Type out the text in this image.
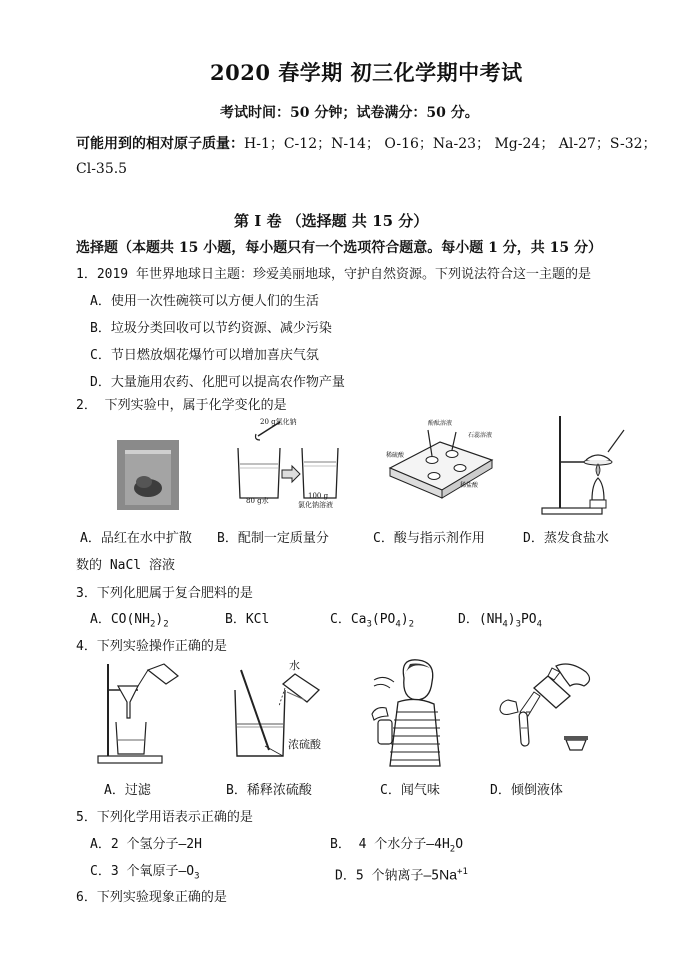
2020 春学期 初三化学期中考试
考试时间：50 分钟；试卷满分：50 分。
可能用到的相对原子质量：H-1；C-12；N-14； O-16；Na-23； Mg-24； Al-27；S-32；
Cl-35.5
第 I 卷 （选择题 共 15 分）
选择题（本题共 15 小题，每小题只有一个选项符合题意。每小题 1 分，共 15 分）
1．2019 年世界地球日主题：珍爱美丽地球，守护自然资源。下列说法符合这一主题的是
A．使用一次性碗筷可以方便人们的生活
B．垃圾分类回收可以节约资源、减少污染
C．节日燃放烟花爆竹可以增加喜庆气氛
D．大量施用农药、化肥可以提高农作物产量
2． 下列实验中，属于化学变化的是
20 g氯化钠
80 g水
100 g
氯化钠溶液
酚酞溶液
石蕊溶液
稀硫酸
稀盐酸
A．品红在水中扩散 B．配制一定质量分	C．酸与指示剂作用	D．蒸发食盐水
数的 NaCl 溶液
3．下列化肥属于复合肥料的是
A．$CO(NH_2)_2$	B．KCl	C．$Ca_3(PO_4)_2$	D．$(NH_4)_3PO_4$
4．下列实验操作正确的是
水
浓硫酸
A．过滤	B．稀释浓硫酸	C．闻气味	D．倾倒液体
5．下列化学用语表示正确的是
A．2 个氢分子—2H	B． 4 个水分子$—4H_2O$
C．3 个氧原子$—O_3$	D．5 个钠离子$—5Na^{+1}$
6．下列实验现象正确的是
